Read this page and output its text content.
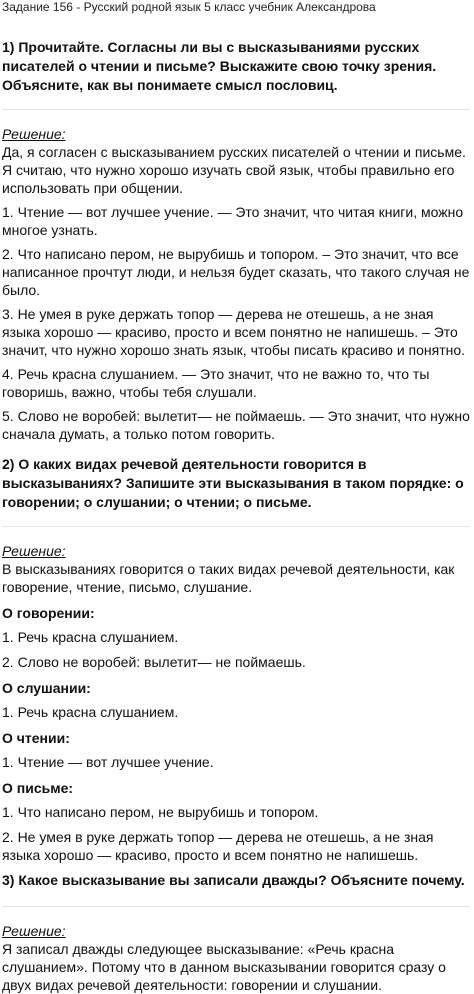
Задание 156 - Русский родной язык 5 класс учебник Александрова
1) Прочитайте. Согласны ли вы с высказываниями русских писателей о чтении и письме? Выскажите свою точку зрения. Объясните, как вы понимаете смысл пословиц.
Решение:

Да, я согласен с высказыванием русских писателей о чтении и письме. Я считаю, что нужно хорошо изучать свой язык, чтобы правильно его использовать при общении.

1. Чтение — вот лучшее учение. — Это значит, что читая книги, можно многое узнать.

2. Что написано пером, не вырубишь и топором. – Это значит, что все написанное прочтут люди, и нельзя будет сказать, что такого случая не было.

3. Не умея в руке держать топор — дерева не отешешь, а не зная языка хорошо — красиво, просто и всем понятно не напишешь. – Это значит, что нужно хорошо знать язык, чтобы писать красиво и понятно.

4. Речь красна слушанием. — Это значит, что не важно то, что ты говоришь, важно, чтобы тебя слушали.

5. Слово не воробей: вылетит— не поймаешь. — Это значит, что нужно сначала думать, а только потом говорить.

2) О каких видах речевой деятельности говорится в высказываниях? Запишите эти высказывания в таком порядке: о говорении; о слушании; о чтении; о письме.
Решение:

В высказываниях говорится о таких видах речевой деятельности, как говорение, чтение, письмо, слушание.

О говорении:

1. Речь красна слушанием.

2. Слово не воробей: вылетит— не поймаешь.

О слушании:

1. Речь красна слушанием.

О чтении:

1. Чтение — вот лучшее учение.

О письме:

1. Что написано пером, не вырубишь и топором.

2. Не умея в руке держать топор — дерева не отешешь, а не зная языка хорошо — красиво, просто и всем понятно не напишешь.

3) Какое высказывание вы записали дважды? Объясните почему.
Решение:

Я записал дважды следующее высказывание: «Речь красна слушанием». Потому что в данном высказывании говорится сразу о двух видах речевой деятельности: говорении и слушании.
